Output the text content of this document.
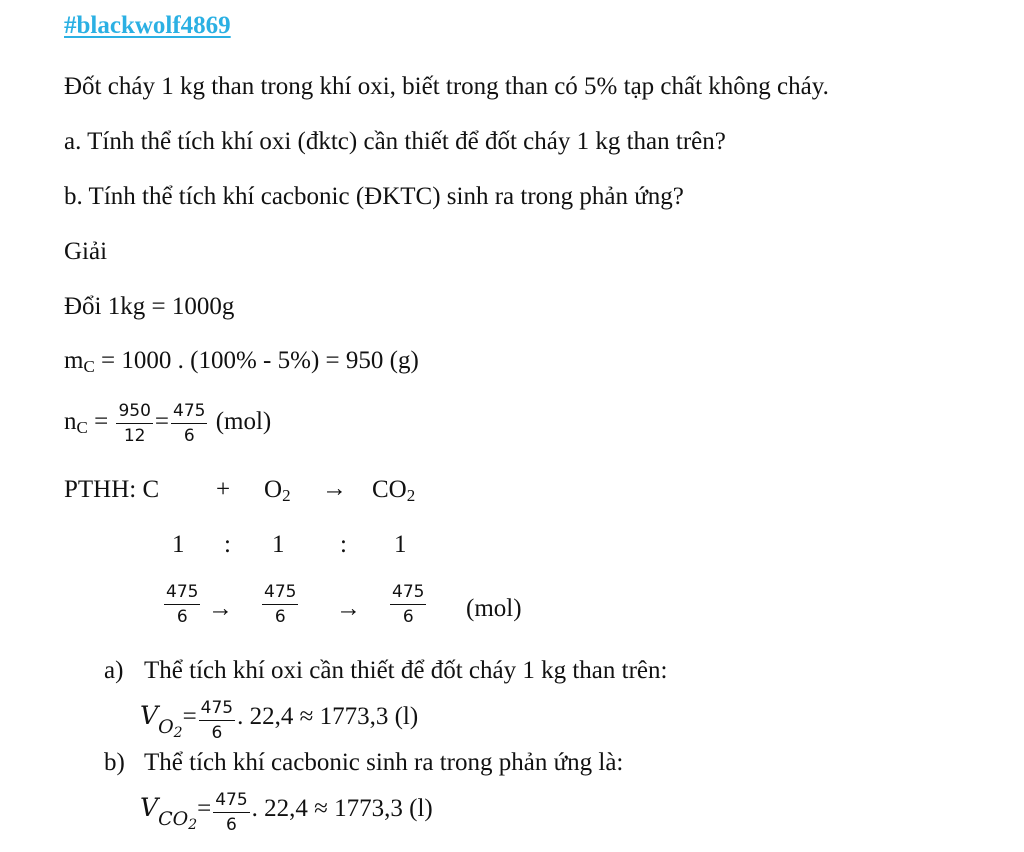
#blackwolf4869
Đốt cháy 1 kg than trong khí oxi, biết trong than có 5% tạp chất không cháy.
a. Tính thể tích khí oxi (đktc) cần thiết để đốt cháy 1 kg than trên?
b. Tính thể tích khí cacbonic (ĐKTC) sinh ra trong phản ứng?
Giải
Đổi 1kg = 1000g
$m_C = 1000$ . (100% - 5%) = 950 (g)
$n_C = \frac{950}{12} = \frac{475}{6} (mol)$
PTHH: $C + O_2 \to CO_2$
1 : 1 : 1
$\frac{475}{6} \to \frac{475}{6} \to \frac{475}{6} (mol)$
a) Thể tích khí oxi cần thiết để đốt cháy 1 kg than trên:
$VO_2= \frac{475}{6}$ . 22,4 ≈ 1773,3 (l)
b) Thể tích khí cacbonic sinh ra trong phản ứng là:
$VCO_2= \frac{475}{6}$ . 22,4 ≈ 1773,3 (l)
